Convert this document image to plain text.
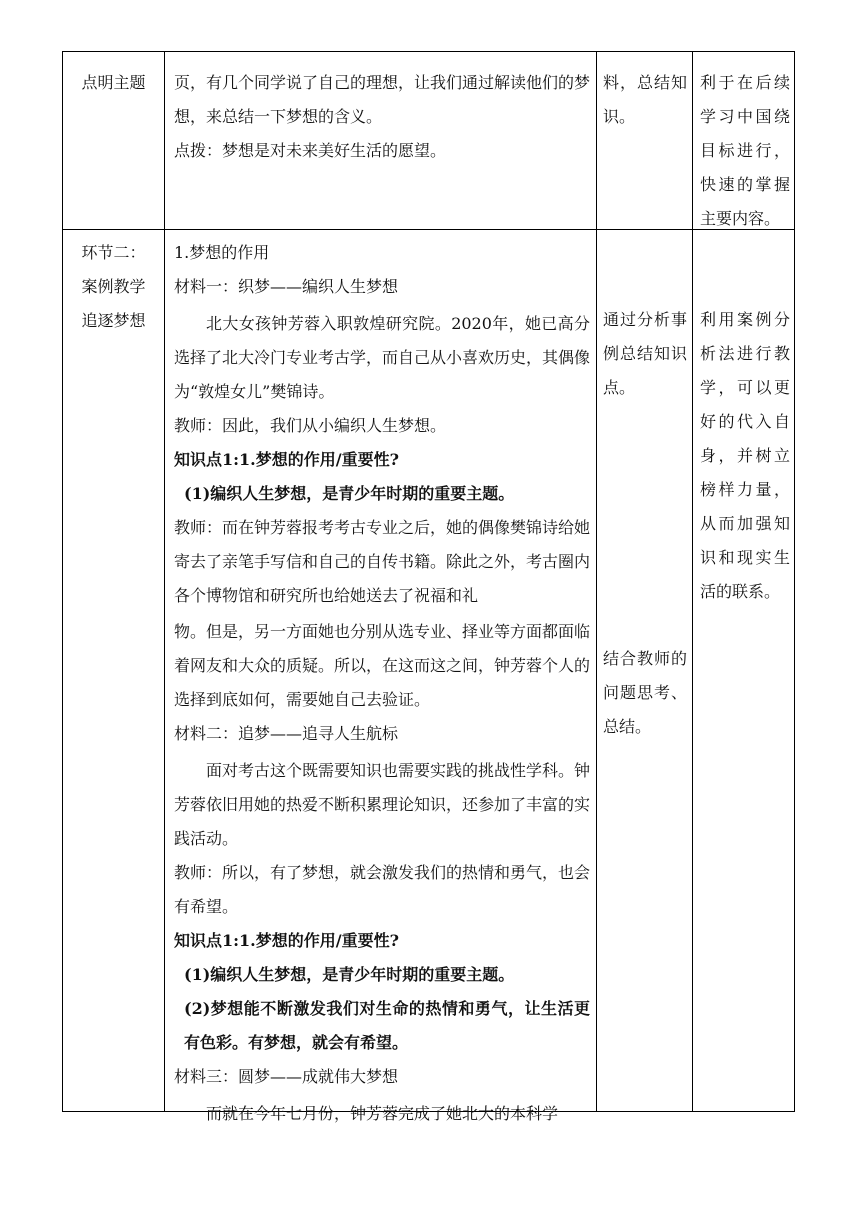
点明主题	页，有几个同学说了自己的理想，让我们通过解读他们的梦想，来总结一下梦想的含义。

点拨：梦想是对未来美好生活的愿望。

料，总结知识。

利于在后续学习中国绕目标进行，快速的掌握主要内容。

环节二：

案例教学

追逐梦想

1.梦想的作用

材料一：织梦——编织人生梦想

北大女孩钟芳蓉入职敦煌研究院。2020年，她已高分选择了北大冷门专业考古学，而自己从小喜欢历史，其偶像为“敦煌女儿”樊锦诗。

教师：因此，我们从小编织人生梦想。

知识点1:1.梦想的作用/重要性?

(1)编织人生梦想，是青少年时期的重要主题。

教师：而在钟芳蓉报考考古专业之后，她的偶像樊锦诗给她寄去了亲笔手写信和自己的自传书籍。除此之外，考古圈内各个博物馆和研究所也给她送去了祝福和礼

物。但是，另一方面她也分别从选专业、择业等方面都面临着网友和大众的质疑。所以，在这而这之间，钟芳蓉个人的选择到底如何，需要她自己去验证。

材料二：追梦——追寻人生航标

面对考古这个既需要知识也需要实践的挑战性学科。钟芳蓉依旧用她的热爱不断积累理论知识，还参加了丰富的实践活动。

教师：所以，有了梦想，就会激发我们的热情和勇气，也会有希望。

知识点1:1.梦想的作用/重要性?

(1)编织人生梦想，是青少年时期的重要主题。

(2)梦想能不断激发我们对生命的热情和勇气，让生活更有色彩。有梦想，就会有希望。

材料三：圆梦——成就伟大梦想

而就在今年七月份，钟芳蓉完成了她北大的本科学

通过分析事例总结知识点。

结合教师的问题思考、总结。

利用案例分析法进行教学，可以更好的代入自身，并树立榜样力量，从而加强知识和现实生活的联系。
